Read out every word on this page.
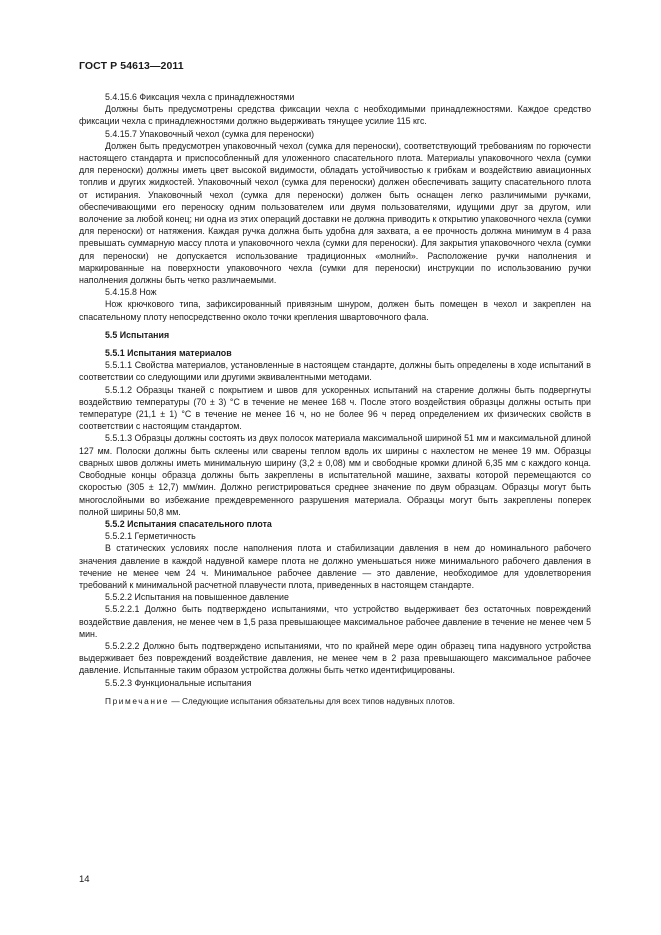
ГОСТ Р 54613—2011

5.4.15.6 Фиксация чехла с принадлежностями

Должны быть предусмотрены средства фиксации чехла с необходимыми принадлежностями. Каждое средство фиксации чехла с принадлежностями должно выдерживать тянущее усилие 115 кгс.

5.4.15.7 Упаковочный чехол (сумка для переноски)

Должен быть предусмотрен упаковочный чехол (сумка для переноски), соответствующий требованиям по горючести настоящего стандарта и приспособленный для уложенного спасательного плота. Материалы упаковочного чехла (сумки для переноски) должны иметь цвет высокой видимости, обладать устойчивостью к грибкам и воздействию авиационных топлив и других жидкостей. Упаковочный чехол (сумка для переноски) должен обеспечивать защиту спасательного плота от истирания. Упаковочный чехол (сумка для переноски) должен быть оснащен легко различимыми ручками, обеспечивающими его переноску одним пользователем или двумя пользователями, идущими друг за другом, или волочение за любой конец; ни одна из этих операций доставки не должна приводить к открытию упаковочного чехла (сумки для переноски) от натяжения. Каждая ручка должна быть удобна для захвата, а ее прочность должна минимум в 4 раза превышать суммарную массу плота и упаковочного чехла (сумки для переноски). Для закрытия упаковочного чехла (сумки для переноски) не допускается использование традиционных «молний». Расположение ручки наполнения и маркированные на поверхности упаковочного чехла (сумки для переноски) инструкции по использованию ручки наполнения должны быть четко различаемыми.

5.4.15.8 Нож

Нож крючкового типа, зафиксированный привязным шнуром, должен быть помещен в чехол и закреплен на спасательному плоту непосредственно около точки крепления швартовочного фала.

5.5 Испытания

5.5.1 Испытания материалов

5.5.1.1 Свойства материалов, установленные в настоящем стандарте, должны быть определены в ходе испытаний в соответствии со следующими или другими эквивалентными методами.

5.5.1.2 Образцы тканей с покрытием и швов для ускоренных испытаний на старение должны быть подвергнуты воздействию температуры (70 ± 3) °С в течение не менее 168 ч. После этого воздействия образцы должны остыть при температуре (21,1 ± 1) °С в течение не менее 16 ч, но не более 96 ч перед определением их физических свойств в соответствии с настоящим стандартом.

5.5.1.3 Образцы должны состоять из двух полосок материала максимальной шириной 51 мм и максимальной длиной 127 мм. Полоски должны быть склеены или сварены теплом вдоль их ширины с нахлестом не менее 19 мм. Образцы сварных швов должны иметь минимальную ширину (3,2 ± 0,08) мм и свободные кромки длиной 6,35 мм с каждого конца. Свободные концы образца должны быть закреплены в испытательной машине, захваты которой перемещаются со скоростью (305 ± 12,7) мм/мин. Должно регистрироваться среднее значение по двум образцам. Образцы могут быть многослойными во избежание преждевременного разрушения материала. Образцы могут быть закреплены поперек полной ширины 50,8 мм.

5.5.2 Испытания спасательного плота

5.5.2.1 Герметичность

В статических условиях после наполнения плота и стабилизации давления в нем до номинального рабочего значения давление в каждой надувной камере плота не должно уменьшаться ниже минимального рабочего давления в течение не менее чем 24 ч. Минимальное рабочее давление — это давление, необходимое для удовлетворения требований к минимальной расчетной плавучести плота, приведенных в настоящем стандарте.

5.5.2.2 Испытания на повышенное давление

5.5.2.2.1 Должно быть подтверждено испытаниями, что устройство выдерживает без остаточных повреждений воздействие давления, не менее чем в 1,5 раза превышающее максимальное рабочее давление в течение не менее чем 5 мин.

5.5.2.2.2 Должно быть подтверждено испытаниями, что по крайней мере один образец типа надувного устройства выдерживает без повреждений воздействие давления, не менее чем в 2 раза превышающего максимальное рабочее давление. Испытанные таким образом устройства должны быть четко идентифицированы.

5.5.2.3 Функциональные испытания

Примечание — Следующие испытания обязательны для всех типов надувных плотов.

14
